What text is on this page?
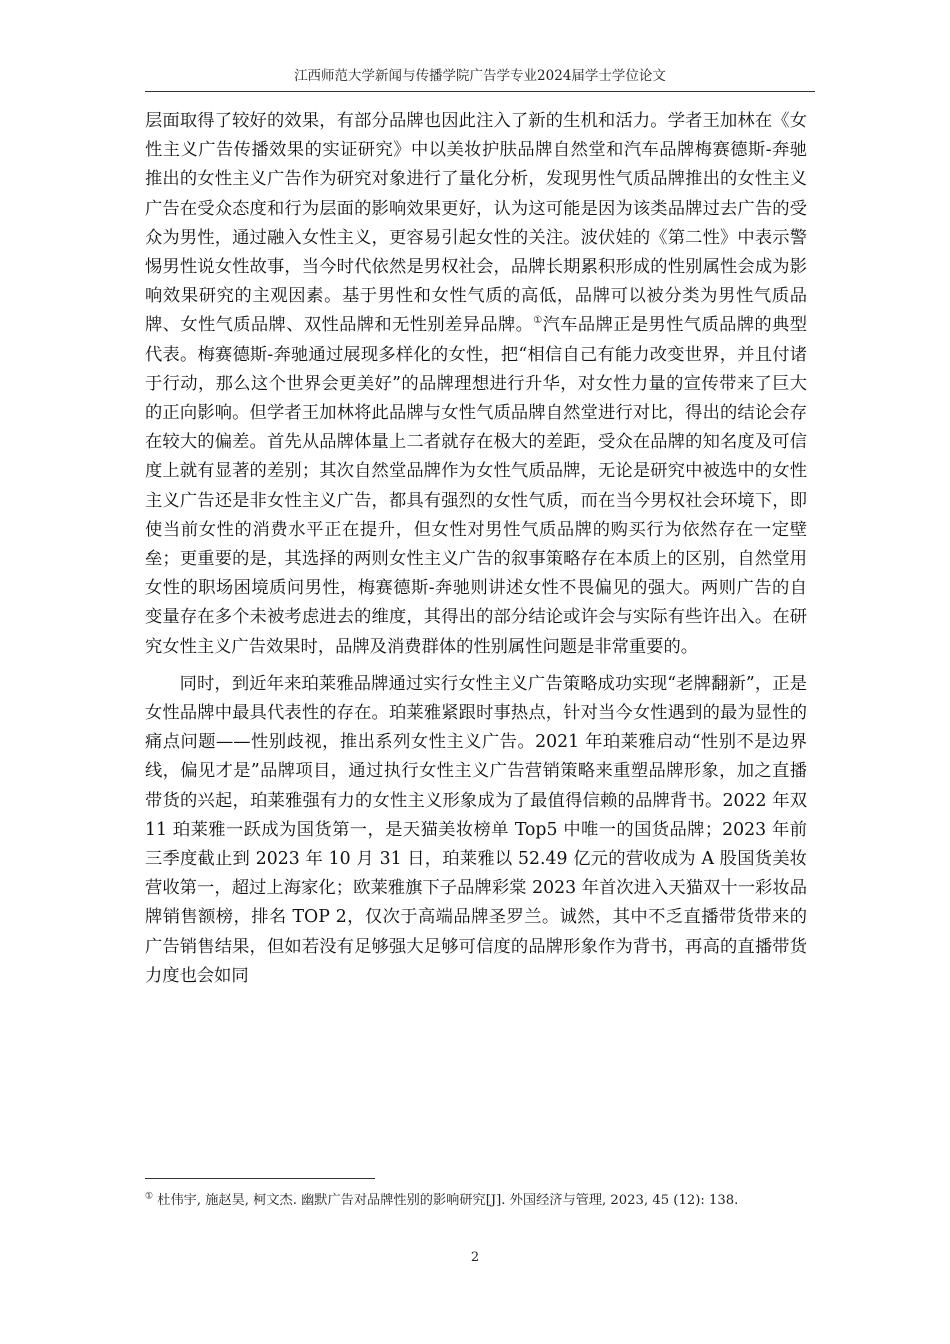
江西师范大学新闻与传播学院广告学专业2024届学士学位论文

层面取得了较好的效果，有部分品牌也因此注入了新的生机和活力。学者王加林在《女性主义广告传播效果的实证研究》中以美妆护肤品牌自然堂和汽车品牌梅赛德斯-奔驰推出的女性主义广告作为研究对象进行了量化分析，发现男性气质品牌推出的女性主义广告在受众态度和行为层面的影响效果更好，认为这可能是因为该类品牌过去广告的受众为男性，通过融入女性主义，更容易引起女性的关注。波伏娃的《第二性》中表示警惕男性说女性故事，当今时代依然是男权社会，品牌长期累积形成的性别属性会成为影响效果研究的主观因素。基于男性和女性气质的高低，品牌可以被分类为男性气质品牌、女性气质品牌、双性品牌和无性别差异品牌。①汽车品牌正是男性气质品牌的典型代表。梅赛德斯-奔驰通过展现多样化的女性，把“相信自己有能力改变世界，并且付诸于行动，那么这个世界会更美好”的品牌理想进行升华，对女性力量的宣传带来了巨大的正向影响。但学者王加林将此品牌与女性气质品牌自然堂进行对比，得出的结论会存在较大的偏差。首先从品牌体量上二者就存在极大的差距，受众在品牌的知名度及可信度上就有显著的差别；其次自然堂品牌作为女性气质品牌，无论是研究中被选中的女性主义广告还是非女性主义广告，都具有强烈的女性气质，而在当今男权社会环境下，即使当前女性的消费水平正在提升，但女性对男性气质品牌的购买行为依然存在一定壁垒；更重要的是，其选择的两则女性主义广告的叙事策略存在本质上的区别，自然堂用女性的职场困境质问男性，梅赛德斯-奔驰则讲述女性不畏偏见的强大。两则广告的自变量存在多个未被考虑进去的维度，其得出的部分结论或许会与实际有些许出入。在研究女性主义广告效果时，品牌及消费群体的性别属性问题是非常重要的。

同时，到近年来珀莱雅品牌通过实行女性主义广告策略成功实现“老牌翻新”，正是女性品牌中最具代表性的存在。珀莱雅紧跟时事热点，针对当今女性遇到的最为显性的痛点问题——性别歧视，推出系列女性主义广告。2021 年珀莱雅启动“性别不是边界线，偏见才是”品牌项目，通过执行女性主义广告营销策略来重塑品牌形象，加之直播带货的兴起，珀莱雅强有力的女性主义形象成为了最值得信赖的品牌背书。2022 年双 11 珀莱雅一跃成为国货第一，是天猫美妆榜单 Top5 中唯一的国货品牌；2023 年前三季度截止到 2023 年 10 月 31 日，珀莱雅以 52.49 亿元的营收成为 A 股国货美妆营收第一，超过上海家化；欧莱雅旗下子品牌彩棠 2023 年首次进入天猫双十一彩妆品牌销售额榜，排名 TOP 2，仅次于高端品牌圣罗兰。诚然，其中不乏直播带货带来的广告销售结果，但如若没有足够强大足够可信度的品牌形象作为背书，再高的直播带货力度也会如同

① 杜伟宇, 施赵昊, 柯文杰. 幽默广告对品牌性别的影响研究[J]. 外国经济与管理, 2023, 45 (12): 138.
2
